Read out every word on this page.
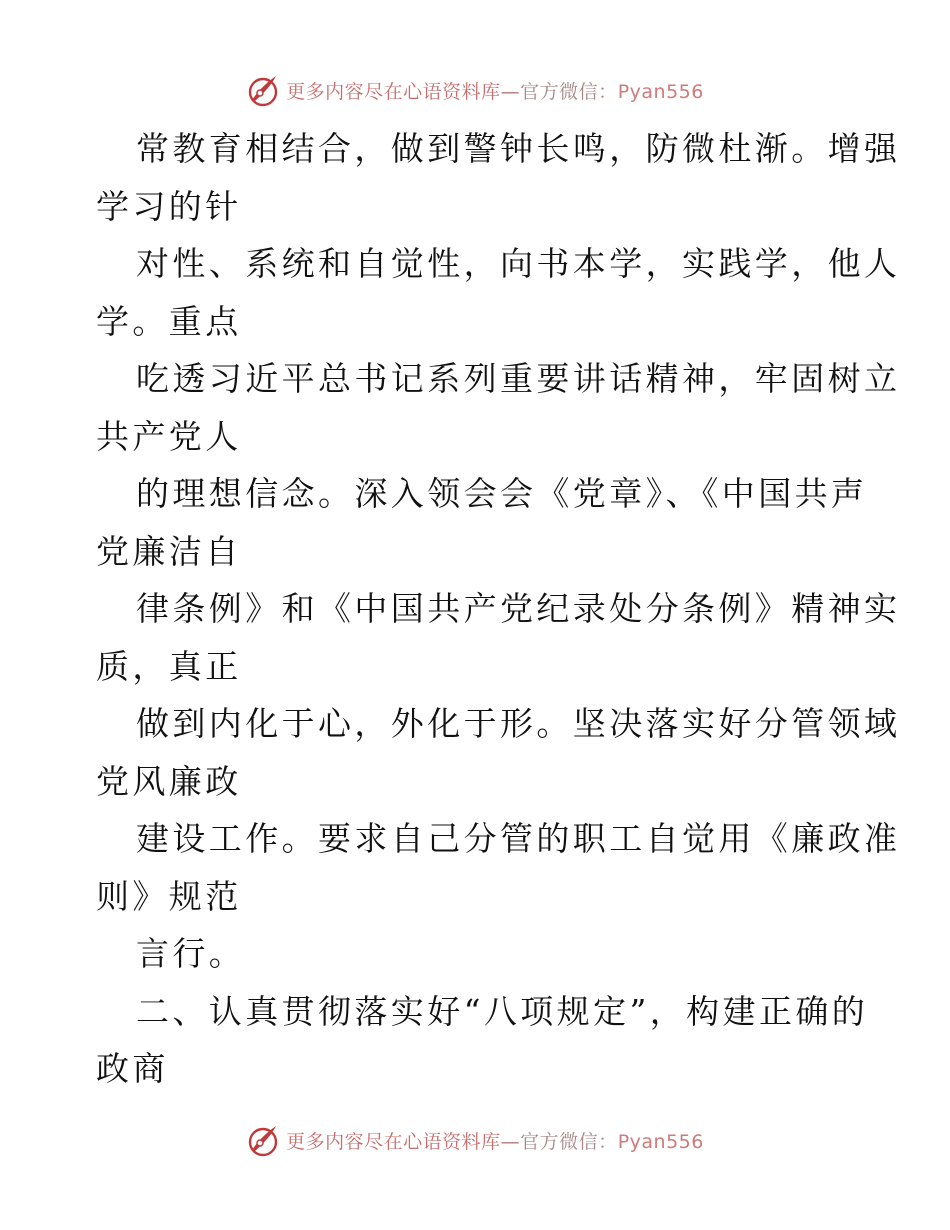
更多内容尽在心语资料库—官方微信：Pyan556
常教育相结合，做到警钟长鸣，防微杜渐。增强
学习的针
对性、系统和自觉性，向书本学，实践学，他人
学。重点
吃透习近平总书记系列重要讲话精神，牢固树立
共产党人
的理想信念。深入领会会《党章》、《中国共声
党廉洁自
律条例》和《中国共产党纪录处分条例》精神实
质，真正
做到内化于心，外化于形。坚决落实好分管领域
党风廉政
建设工作。要求自己分管的职工自觉用《廉政准
则》规范
言行。
二、认真贯彻落实好“八项规定”，构建正确的
政商
更多内容尽在心语资料库—官方微信：Pyan556
